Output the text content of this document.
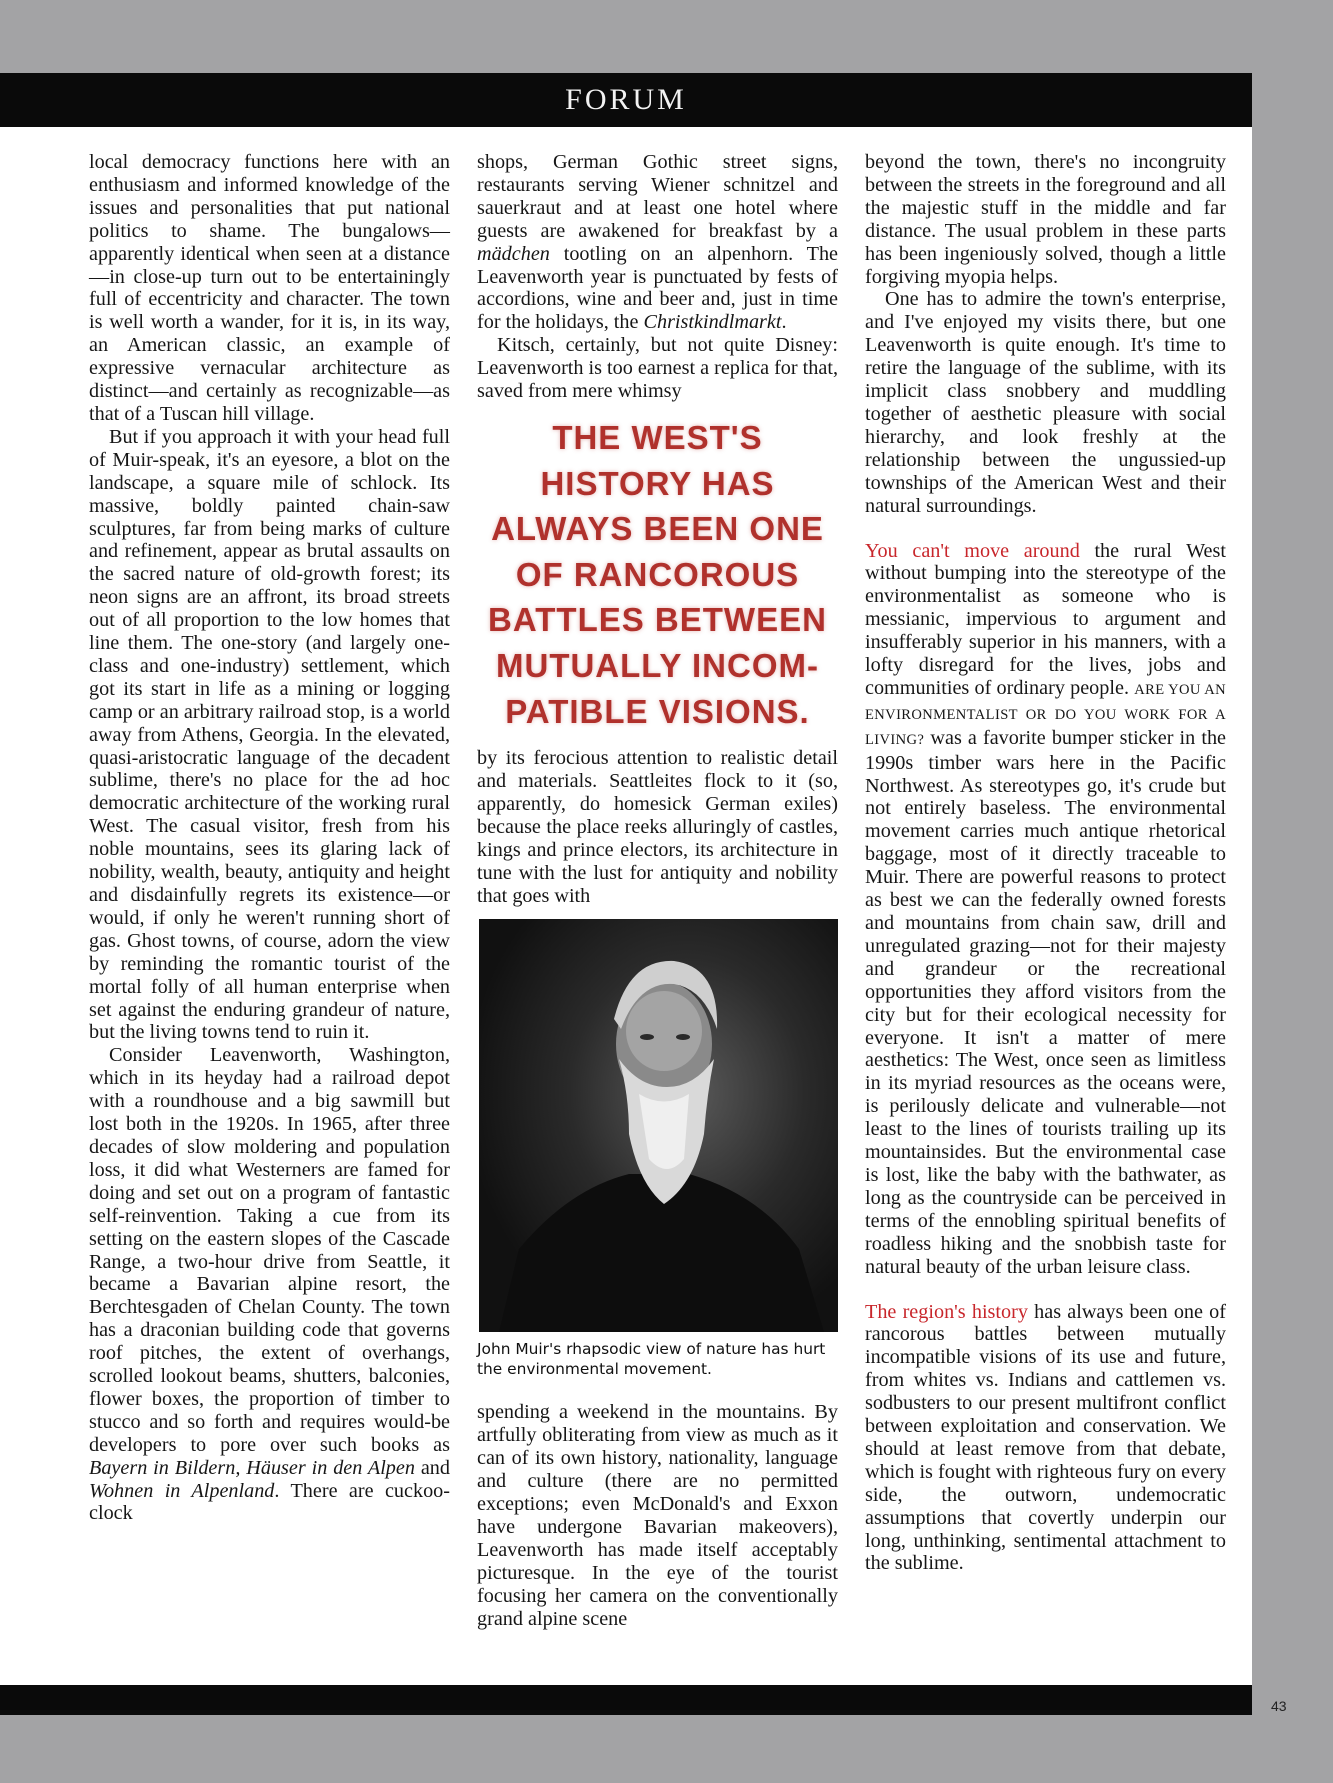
FORUM

local democracy functions here with an enthusiasm and informed knowledge of the issues and personalities that put national politics to shame. The bungalows—apparently identical when seen at a distance—in close-up turn out to be entertainingly full of eccentricity and character. The town is well worth a wander, for it is, in its way, an American classic, an example of expressive vernacular architecture as distinct—and certainly as recognizable—as that of a Tuscan hill village.

But if you approach it with your head full of Muir-speak, it's an eyesore, a blot on the landscape, a square mile of schlock. Its massive, boldly painted chain-saw sculptures, far from being marks of culture and refinement, appear as brutal assaults on the sacred nature of old-growth forest; its neon signs are an affront, its broad streets out of all proportion to the low homes that line them. The one-story (and largely one-class and one-industry) settlement, which got its start in life as a mining or logging camp or an arbitrary railroad stop, is a world away from Athens, Georgia. In the elevated, quasi-aristocratic language of the decadent sublime, there's no place for the ad hoc democratic architecture of the working rural West. The casual visitor, fresh from his noble mountains, sees its glaring lack of nobility, wealth, beauty, antiquity and height and disdainfully regrets its existence—or would, if only he weren't running short of gas. Ghost towns, of course, adorn the view by reminding the romantic tourist of the mortal folly of all human enterprise when set against the enduring grandeur of nature, but the living towns tend to ruin it.

Consider Leavenworth, Washington, which in its heyday had a railroad depot with a roundhouse and a big sawmill but lost both in the 1920s. In 1965, after three decades of slow moldering and population loss, it did what Westerners are famed for doing and set out on a program of fantastic self-reinvention. Taking a cue from its setting on the eastern slopes of the Cascade Range, a two-hour drive from Seattle, it became a Bavarian alpine resort, the Berchtesgaden of Chelan County. The town has a draconian building code that governs roof pitches, the extent of overhangs, scrolled lookout beams, shutters, balconies, flower boxes, the proportion of timber to stucco and so forth and requires would-be developers to pore over such books as Bayern in Bildern, Häuser in den Alpen and Wohnen in Alpenland. There are cuckoo-clock

shops, German Gothic street signs, restaurants serving Wiener schnitzel and sauerkraut and at least one hotel where guests are awakened for breakfast by a mädchen tootling on an alpenhorn. The Leavenworth year is punctuated by fests of accordions, wine and beer and, just in time for the holidays, the Christkindlmarkt.

Kitsch, certainly, but not quite Disney: Leavenworth is too earnest a replica for that, saved from mere whimsy

THE WEST'S
HISTORY HAS
ALWAYS BEEN ONE
OF RANCOROUS
BATTLES BETWEEN
MUTUALLY INCOM-
PATIBLE VISIONS.

by its ferocious attention to realistic detail and materials. Seattleites flock to it (so, apparently, do homesick German exiles) because the place reeks alluringly of castles, kings and prince electors, its architecture in tune with the lust for antiquity and nobility that goes with

John Muir's rhapsodic view of nature has hurt the environmental movement.

spending a weekend in the mountains. By artfully obliterating from view as much as it can of its own history, nationality, language and culture (there are no permitted exceptions; even McDonald's and Exxon have undergone Bavarian makeovers), Leavenworth has made itself acceptably picturesque. In the eye of the tourist focusing her camera on the conventionally grand alpine scene

beyond the town, there's no incongruity between the streets in the foreground and all the majestic stuff in the middle and far distance. The usual problem in these parts has been ingeniously solved, though a little forgiving myopia helps.

One has to admire the town's enterprise, and I've enjoyed my visits there, but one Leavenworth is quite enough. It's time to retire the language of the sublime, with its implicit class snobbery and muddling together of aesthetic pleasure with social hierarchy, and look freshly at the relationship between the ungussied-up townships of the American West and their natural surroundings.

You can't move around the rural West without bumping into the stereotype of the environmentalist as someone who is messianic, impervious to argument and insufferably superior in his manners, with a lofty disregard for the lives, jobs and communities of ordinary people. ARE YOU AN ENVIRONMENTALIST OR DO YOU WORK FOR A LIVING? was a favorite bumper sticker in the 1990s timber wars here in the Pacific Northwest. As stereotypes go, it's crude but not entirely baseless. The environmental movement carries much antique rhetorical baggage, most of it directly traceable to Muir. There are powerful reasons to protect as best we can the federally owned forests and mountains from chain saw, drill and unregulated grazing—not for their majesty and grandeur or the recreational opportunities they afford visitors from the city but for their ecological necessity for everyone. It isn't a matter of mere aesthetics: The West, once seen as limitless in its myriad resources as the oceans were, is perilously delicate and vulnerable—not least to the lines of tourists trailing up its mountainsides. But the environmental case is lost, like the baby with the bathwater, as long as the countryside can be perceived in terms of the ennobling spiritual benefits of roadless hiking and the snobbish taste for natural beauty of the urban leisure class.

The region's history has always been one of rancorous battles between mutually incompatible visions of its use and future, from whites vs. Indians and cattlemen vs. sodbusters to our present multifront conflict between exploitation and conservation. We should at least remove from that debate, which is fought with righteous fury on every side, the outworn, undemocratic assumptions that covertly underpin our long, unthinking, sentimental attachment to the sublime.

43
